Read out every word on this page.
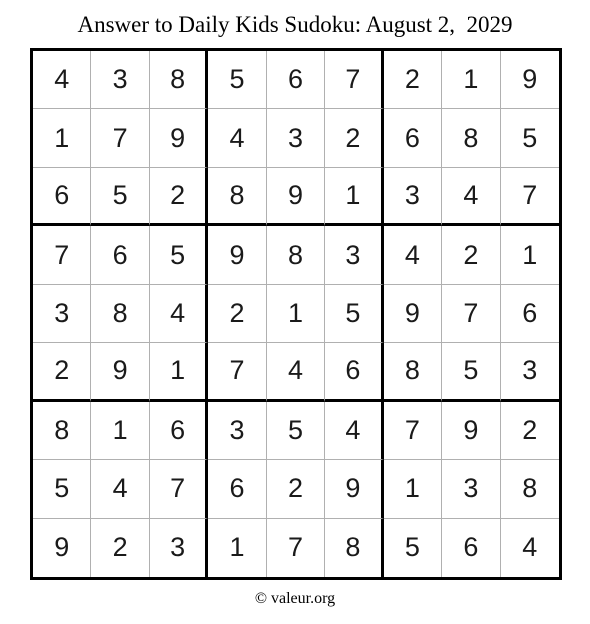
Answer to Daily Kids Sudoku: August 2,  2029
4	3	8	5	6	7	2	1	9
1	7	9	4	3	2	6	8	5
6	5	2	8	9	1	3	4	7
7	6	5	9	8	3	4	2	1
3	8	4	2	1	5	9	7	6
2	9	1	7	4	6	8	5	3
8	1	6	3	5	4	7	9	2
5	4	7	6	2	9	1	3	8
9	2	3	1	7	8	5	6	4
© valeur.org
